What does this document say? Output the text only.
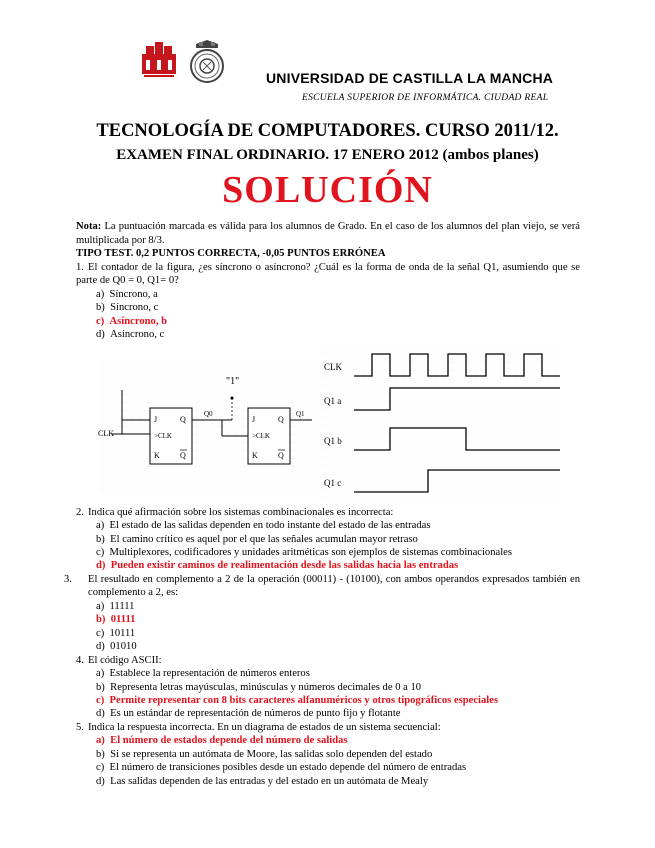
UNIVERSIDAD DE CASTILLA LA MANCHA
ESCUELA SUPERIOR DE INFORMÁTICA. CIUDAD REAL
TECNOLOGÍA DE COMPUTADORES. CURSO 2011/12.
EXAMEN FINAL ORDINARIO. 17 ENERO 2012 (ambos planes)
SOLUCIÓN
Nota: La puntuación marcada es válida para los alumnos de Grado. En el caso de los alumnos del plan viejo, se verá multiplicada por 8/3.
TIPO TEST. 0,2 PUNTOS CORRECTA, -0,05 PUNTOS ERRÓNEA
1. El contador de la figura, ¿es síncrono o asíncrono? ¿Cuál es la forma de onda de la señal Q1, asumiendo que se parte de Q0 = 0, Q1= 0?
a) Síncrono, a
b) Síncrono, c
c) Asíncrono, b
d) Asíncrono, c
CLK
J	Q
>CLK
K	Q
Q0
"1"
J	Q
>CLK
K	Q
Q1
CLK
Q1 a
Q1 b
Q1 c
2. Indica qué afirmación sobre los sistemas combinacionales es incorrecta:
a) El estado de las salidas dependen en todo instante del estado de las entradas
b) El camino crítico es aquel por el que las señales acumulan mayor retraso
c) Multiplexores, codificadores y unidades aritméticas son ejemplos de sistemas combinacionales
d) Pueden existir caminos de realimentación desde las salidas hacia las entradas
3. El resultado en complemento a 2 de la operación (00011) - (10100), con ambos operandos expresados también en complemento a 2, es:
a) 11111
b) 01111
c) 10111
d) 01010
4. El código ASCII:
a) Establece la representación de números enteros
b) Representa letras mayúsculas, minúsculas y números decimales de 0 a 10
c) Permite representar con 8 bits caracteres alfanuméricos y otros tipográficos especiales
d) Es un estándar de representación de números de punto fijo y flotante
5. Indica la respuesta incorrecta. En un diagrama de estados de un sistema secuencial:
a) El número de estados depende del número de salidas
b) Si se representa un autómata de Moore, las salidas solo dependen del estado
c) El número de transiciones posibles desde un estado depende del número de entradas
d) Las salidas dependen de las entradas y del estado en un autómata de Mealy
